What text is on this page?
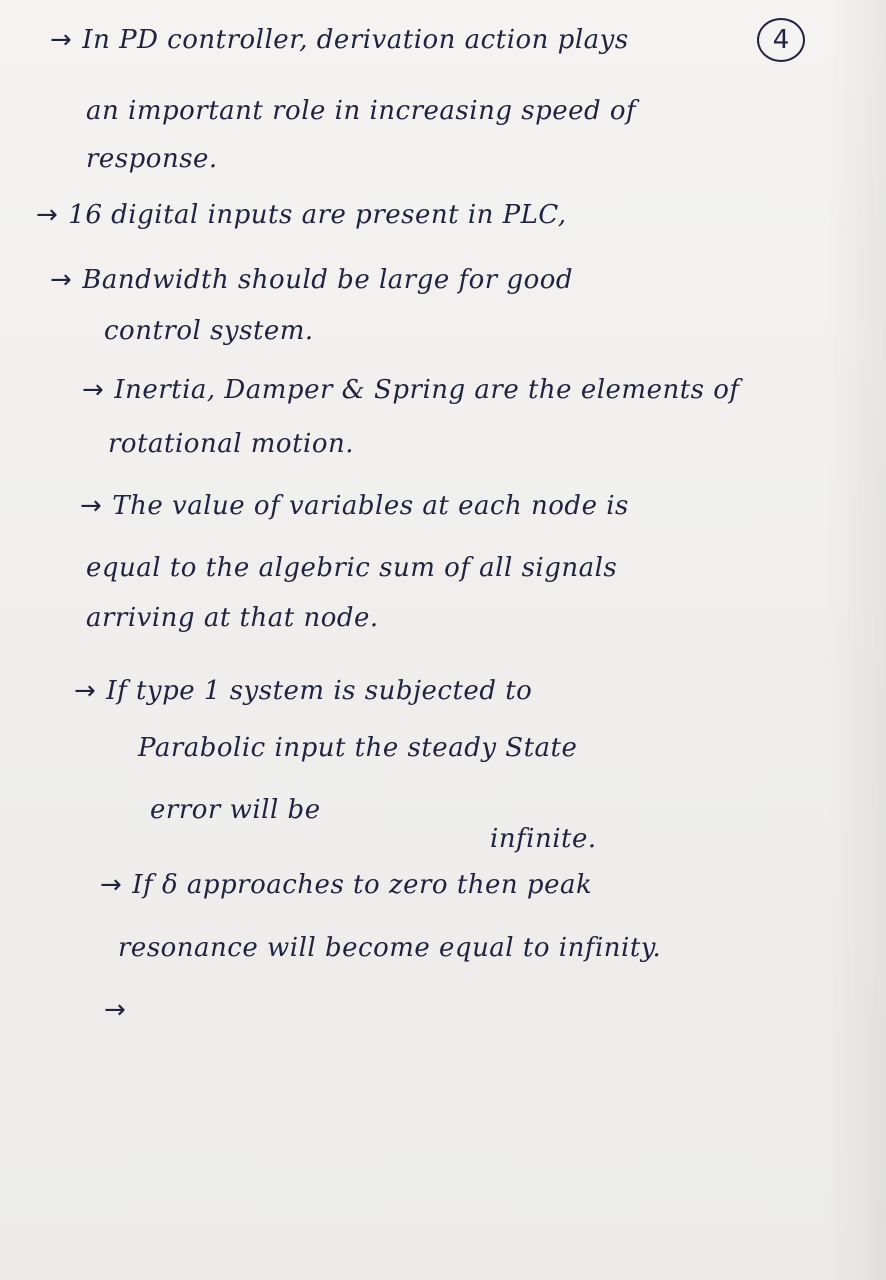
4
→ In PD controller, derivation action plays
an important role in increasing speed of
response.
→ 16 digital inputs are present in PLC,
→ Bandwidth should be large for good
control system.
→ Inertia, Damper & Spring are the elements of
rotational motion.
→ The value of variables at each node is
equal to the algebric sum of all signals
arriving at that node.
→ If type 1 system is subjected to
Parabolic input the steady State
error will be
infinite.
→ If δ approaches to zero then peak
resonance will become equal to infinity.
→
